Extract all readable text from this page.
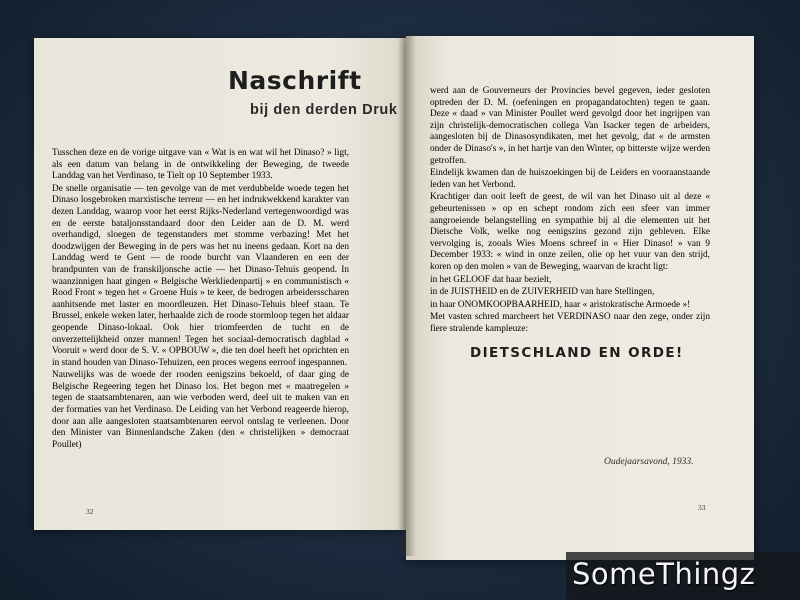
Naschrift
bij den derden Druk

Tusschen deze en de vorige uitgave van « Wat is en wat wil het Dinaso? » ligt, als een datum van belang in de ontwikkeling der Beweging, de tweede Landdag van het Verdinaso, te Tielt op 10 September 1933.

De snelle organisatie — ten gevolge van de met verdubbelde woede tegen het Dinaso losgebroken marxistische terreur — en het indrukwekkend karakter van dezen Landdag, waarop voor het eerst Rijks-Nederland vertegenwoordigd was en de eerste bataljonsstandaard door den Leider aan de D. M. werd overhandigd, sloegen de tegenstanders met stomme verbazing! Met het doodzwijgen der Beweging in de pers was het nu ineens gedaan. Kort na den Landdag werd te Gent — de roode burcht van Vlaanderen en een der brandpunten van de franskiljonsche actie — het Dinaso-Tehuis geopend. In waanzinnigen haat gingen « Belgische Werkliedenpartij » en communistisch « Rood Front » tegen het « Groene Huis » te keer, de bedrogen arbeidersscharen aanhitsende met laster en moordleuzen. Het Dinaso-Tehuis bleef staan. Te Brussel, enkele weken later, herhaalde zich de roode stormloop tegen het aldaar geopende Dinaso-lokaal. Ook hier triomfeerden de tucht en de onverzettelijkheid onzer mannen! Tegen het sociaal-democratisch dagblad « Vooruit » werd door de S. V. « OPBOUW », die ten doel heeft het oprichten en in stand houden van Dinaso-Tehuizen, een proces wegens eerroof ingespannen.

Nauwelijks was de woede der rooden eenigszins bekoeld, of daar ging de Belgische Regeering tegen het Dinaso los. Het begon met « maatregelen » tegen de staatsambtenaren, aan wie verboden werd, deel uit te maken van en der formaties van het Verdinaso. De Leiding van het Verbond reageerde hierop, door aan alle aangesloten staatsambtenaren eervol ontslag te verleenen. Door den Minister van Binnenlandsche Zaken (den « christelijken » democraat Poullet)

werd aan de Gouverneurs der Provincies bevel gegeven, ieder gesloten optreden der D. M. (oefeningen en propagandatochten) tegen te gaan. Deze « daad » van Minister Poullet werd gevolgd door het ingrijpen van zijn christelijk-democratischen collega Van Isacker tegen de arbeiders, aangesloten bij de Dinasosyndikaten, met het gevolg, dat « de armsten onder de Dinaso's », in het hartje van den Winter, op bitterste wijze werden getroffen.

Eindelijk kwamen dan de huiszoekingen bij de Leiders en vooraanstaande leden van het Verbond.

Krachtiger dan ooit leeft de geest, de wil van het Dinaso uit al deze « gebeurtenissen » op en schept rondom zich een sfeer van immer aangroeiende belangstelling en sympathie bij al die elementen uit het Dietsche Volk, welke nog eenigszins gezond zijn gebleven. Elke vervolging is, zooals Wies Moens schreef in « Hier Dinaso! » van 9 December 1933: « wind in onze zeilen, olie op het vuur van den strijd, koren op den molen » van de Beweging, waarvan de kracht ligt:

in het GELOOF dat haar bezielt,

in de JUISTHEID en de ZUIVERHEID van hare Stellingen,

in haar ONOMKOOPBAARHEID, haar « aristokratische Armoede »!

Met vasten schred marcheert het VERDINASO naar den zege, onder zijn fiere stralende kampleuze:

DIETSCHLAND EN ORDE!

Oudejaarsavond, 1933.

32	33

SomeThingz
